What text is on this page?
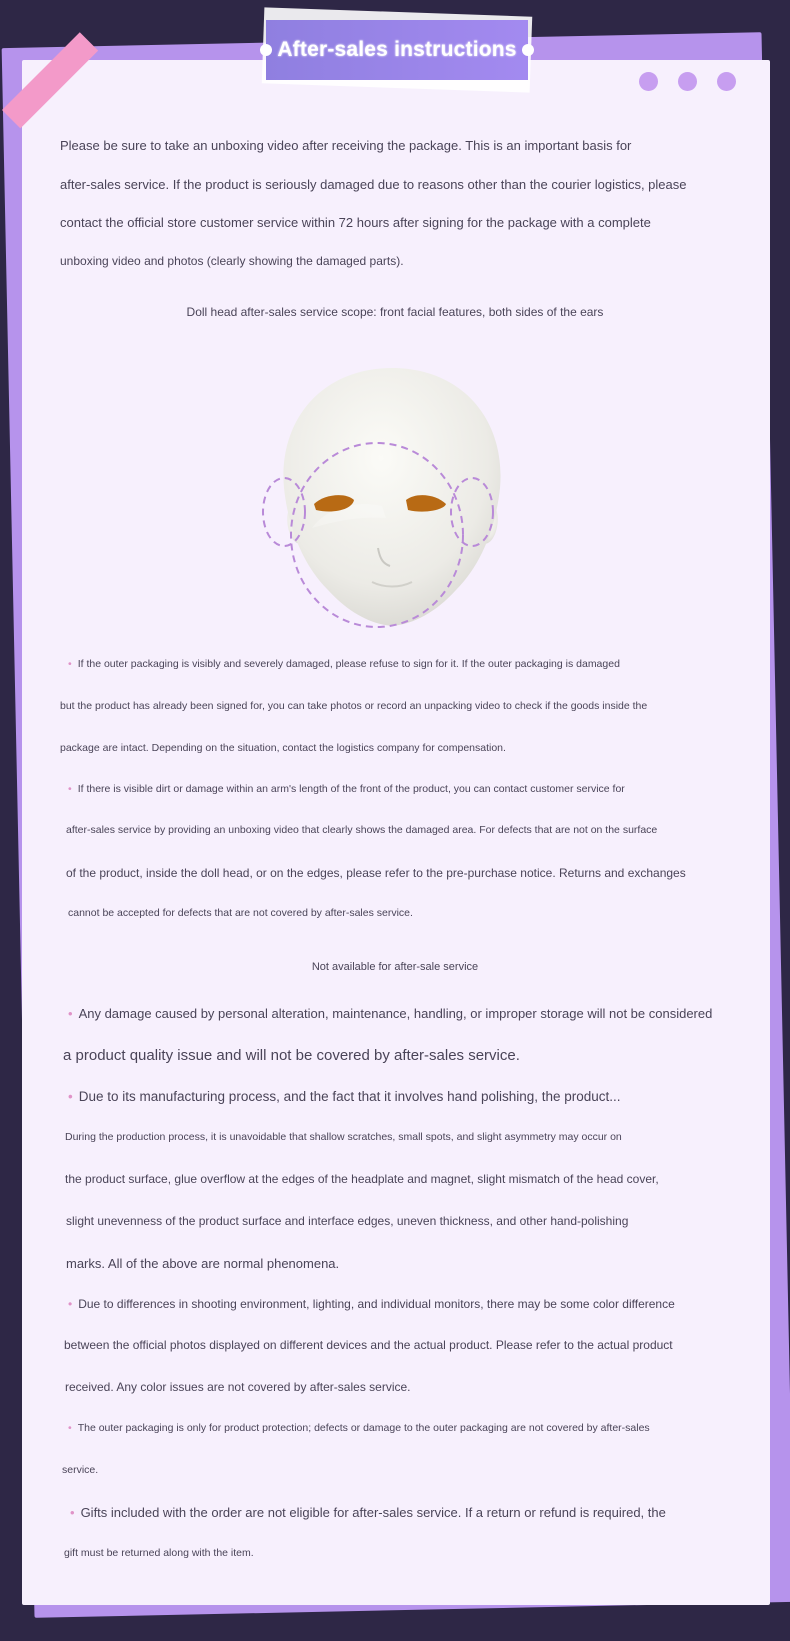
After-sales instructions

Please be sure to take an unboxing video after receiving the package. This is an important basis for

after-sales service. If the product is seriously damaged due to reasons other than the courier logistics, please

contact the official store customer service within 72 hours after signing for the package with a complete

unboxing video and photos (clearly showing the damaged parts).

Doll head after-sales service scope: front facial features, both sides of the ears

• If the outer packaging is visibly and severely damaged, please refuse to sign for it. If the outer packaging is damaged

but the product has already been signed for, you can take photos or record an unpacking video to check if the goods inside the

package are intact. Depending on the situation, contact the logistics company for compensation.

• If there is visible dirt or damage within an arm's length of the front of the product, you can contact customer service for

after-sales service by providing an unboxing video that clearly shows the damaged area. For defects that are not on the surface

of the product, inside the doll head, or on the edges, please refer to the pre-purchase notice. Returns and exchanges

cannot be accepted for defects that are not covered by after-sales service.

Not available for after-sale service

• Any damage caused by personal alteration, maintenance, handling, or improper storage will not be considered

a product quality issue and will not be covered by after-sales service.

• Due to its manufacturing process, and the fact that it involves hand polishing, the product...

During the production process, it is unavoidable that shallow scratches, small spots, and slight asymmetry may occur on

the product surface, glue overflow at the edges of the headplate and magnet, slight mismatch of the head cover,

slight unevenness of the product surface and interface edges, uneven thickness, and other hand-polishing

marks. All of the above are normal phenomena.

• Due to differences in shooting environment, lighting, and individual monitors, there may be some color difference

between the official photos displayed on different devices and the actual product. Please refer to the actual product

received. Any color issues are not covered by after-sales service.

• The outer packaging is only for product protection; defects or damage to the outer packaging are not covered by after-sales

service.

• Gifts included with the order are not eligible for after-sales service. If a return or refund is required, the

gift must be returned along with the item.
